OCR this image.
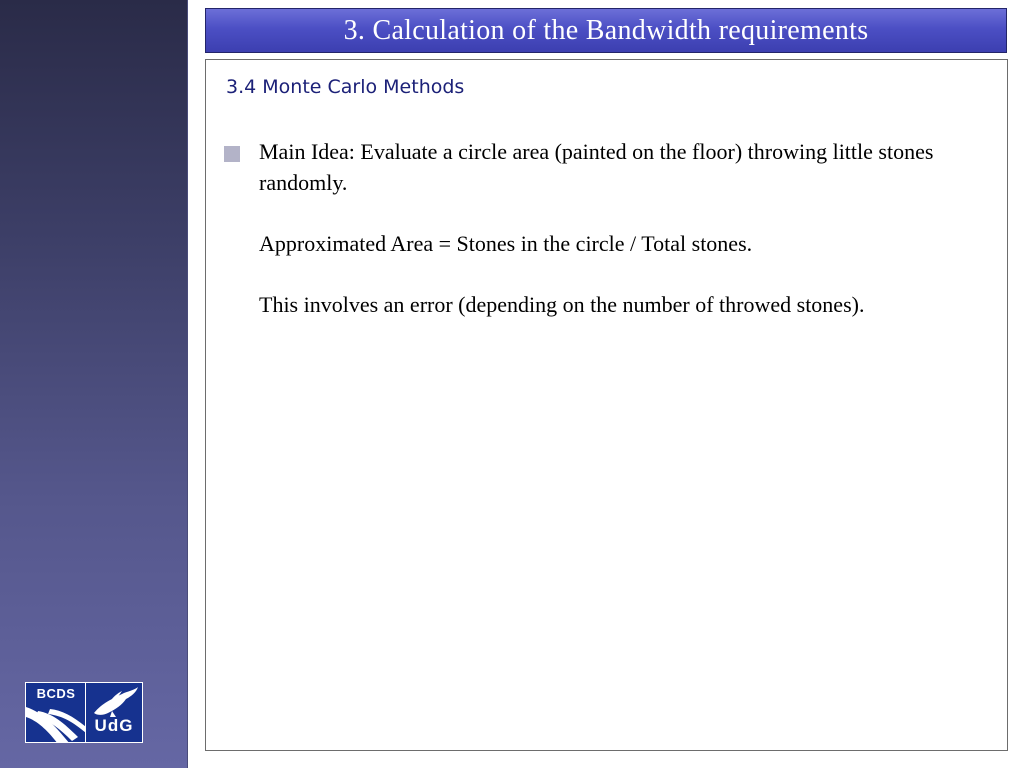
BCDS
UdG
3. Calculation of the Bandwidth requirements
3.4 Monte Carlo Methods

Main Idea: Evaluate a circle area (painted on the floor) throwing little stones randomly.

Approximated Area = Stones in the circle / Total stones.

This involves an error (depending on the number of throwed stones).
